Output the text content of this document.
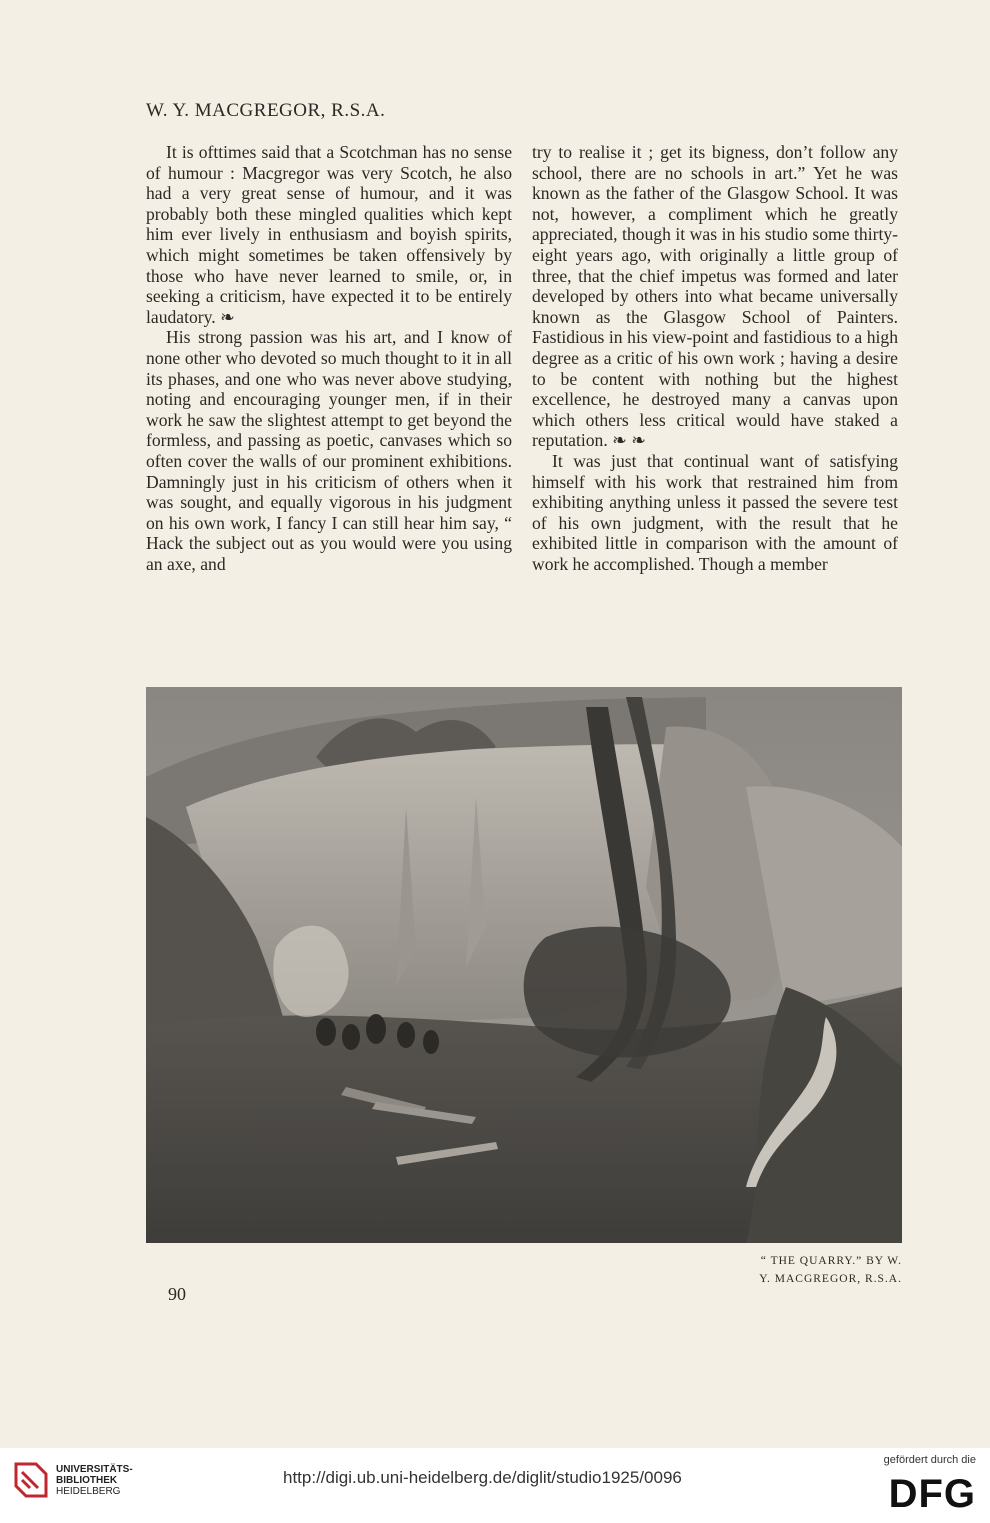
W. Y. MACGREGOR, R.S.A.

It is ofttimes said that a Scotchman has no sense of humour : Macgregor was very Scotch, he also had a very great sense of humour, and it was probably both these mingled qualities which kept him ever lively in enthusiasm and boyish spirits, which might sometimes be taken offensively by those who have never learned to smile, or, in seeking a criticism, have expected it to be entirely laudatory. ❧

His strong passion was his art, and I know of none other who devoted so much thought to it in all its phases, and one who was never above studying, noting and encouraging younger men, if in their work he saw the slightest attempt to get beyond the formless, and passing as poetic, canvases which so often cover the walls of our prominent exhibitions. Damningly just in his criticism of others when it was sought, and equally vigorous in his judgment on his own work, I fancy I can still hear him say, “ Hack the subject out as you would were you using an axe, and

try to realise it ; get its bigness, don’t follow any school, there are no schools in art.” Yet he was known as the father of the Glasgow School. It was not, however, a compliment which he greatly appreciated, though it was in his studio some thirty-eight years ago, with originally a little group of three, that the chief impetus was formed and later developed by others into what became universally known as the Glasgow School of Painters. Fastidious in his view-point and fastidious to a high degree as a critic of his own work ; having a desire to be content with nothing but the highest excellence, he destroyed many a canvas upon which others less critical would have staked a reputation. ❧ ❧

It was just that continual want of satisfying himself with his work that restrained him from exhibiting anything unless it passed the severe test of his own judgment, with the result that he exhibited little in comparison with the amount of work he accomplished. Though a member

“ THE QUARRY.” BY W.
Y. MACGREGOR, R.S.A.
90
UNIVERSITÄTS-
BIBLIOTHEK
HEIDELBERG
http://digi.ub.uni-heidelberg.de/diglit/studio1925/0096
gefördert durch die
DFG
